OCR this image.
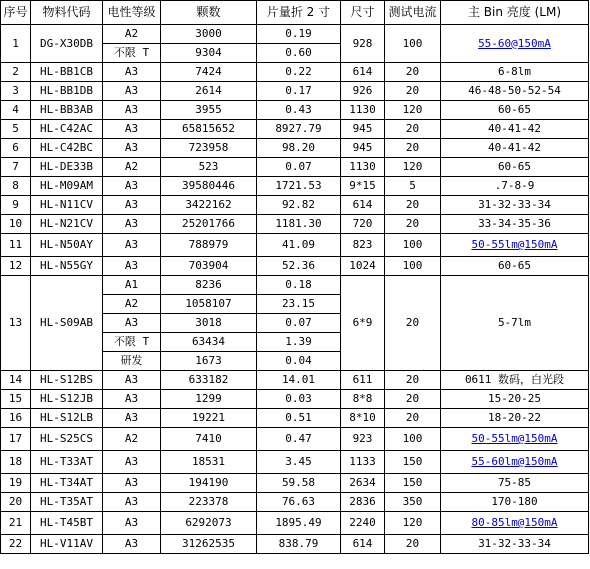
序号	物料代码	电性等级	颗数	片量折 2 寸	尺寸	测试电流	主 Bin 亮度 (LM)
1	DG-X30DB	A2	3000	0.19	928	100	55-60@150mA
		不限 T	9304	0.60			
2	HL-BB1CB	A3	7424	0.22	614	20	6-8lm
3	HL-BB1DB	A3	2614	0.17	926	20	46-48-50-52-54
4	HL-BB3AB	A3	3955	0.43	1130	120	60-65
5	HL-C42AC	A3	65815652	8927.79	945	20	40-41-42
6	HL-C42BC	A3	723958	98.20	945	20	40-41-42
7	HL-DE33B	A2	523	0.07	1130	120	60-65
8	HL-M09AM	A3	39580446	1721.53	9*15	5	.7-8-9
9	HL-N11CV	A3	3422162	92.82	614	20	31-32-33-34
10	HL-N21CV	A3	25201766	1181.30	720	20	33-34-35-36
11	HL-N50AY	A3	788979	41.09	823	100	50-55lm@150mA
12	HL-N55GY	A3	703904	52.36	1024	100	60-65
13	HL-S09AB	A1	8236	0.18	6*9	20	5-7lm
		A2	1058107	23.15			
		A3	3018	0.07			
		不限 T	63434	1.39			
		研发	1673	0.04			
14	HL-S12BS	A3	633182	14.01	611	20	0611 数码，白光段
15	HL-S12JB	A3	1299	0.03	8*8	20	15-20-25
16	HL-S12LB	A3	19221	0.51	8*10	20	18-20-22
17	HL-S25CS	A2	7410	0.47	923	100	50-55lm@150mA
18	HL-T33AT	A3	18531	3.45	1133	150	55-60lm@150mA
19	HL-T34AT	A3	194190	59.58	2634	150	75-85
20	HL-T35AT	A3	223378	76.63	2836	350	170-180
21	HL-T45BT	A3	6292073	1895.49	2240	120	80-85lm@150mA
22	HL-V11AV	A3	31262535	838.79	614	20	31-32-33-34
